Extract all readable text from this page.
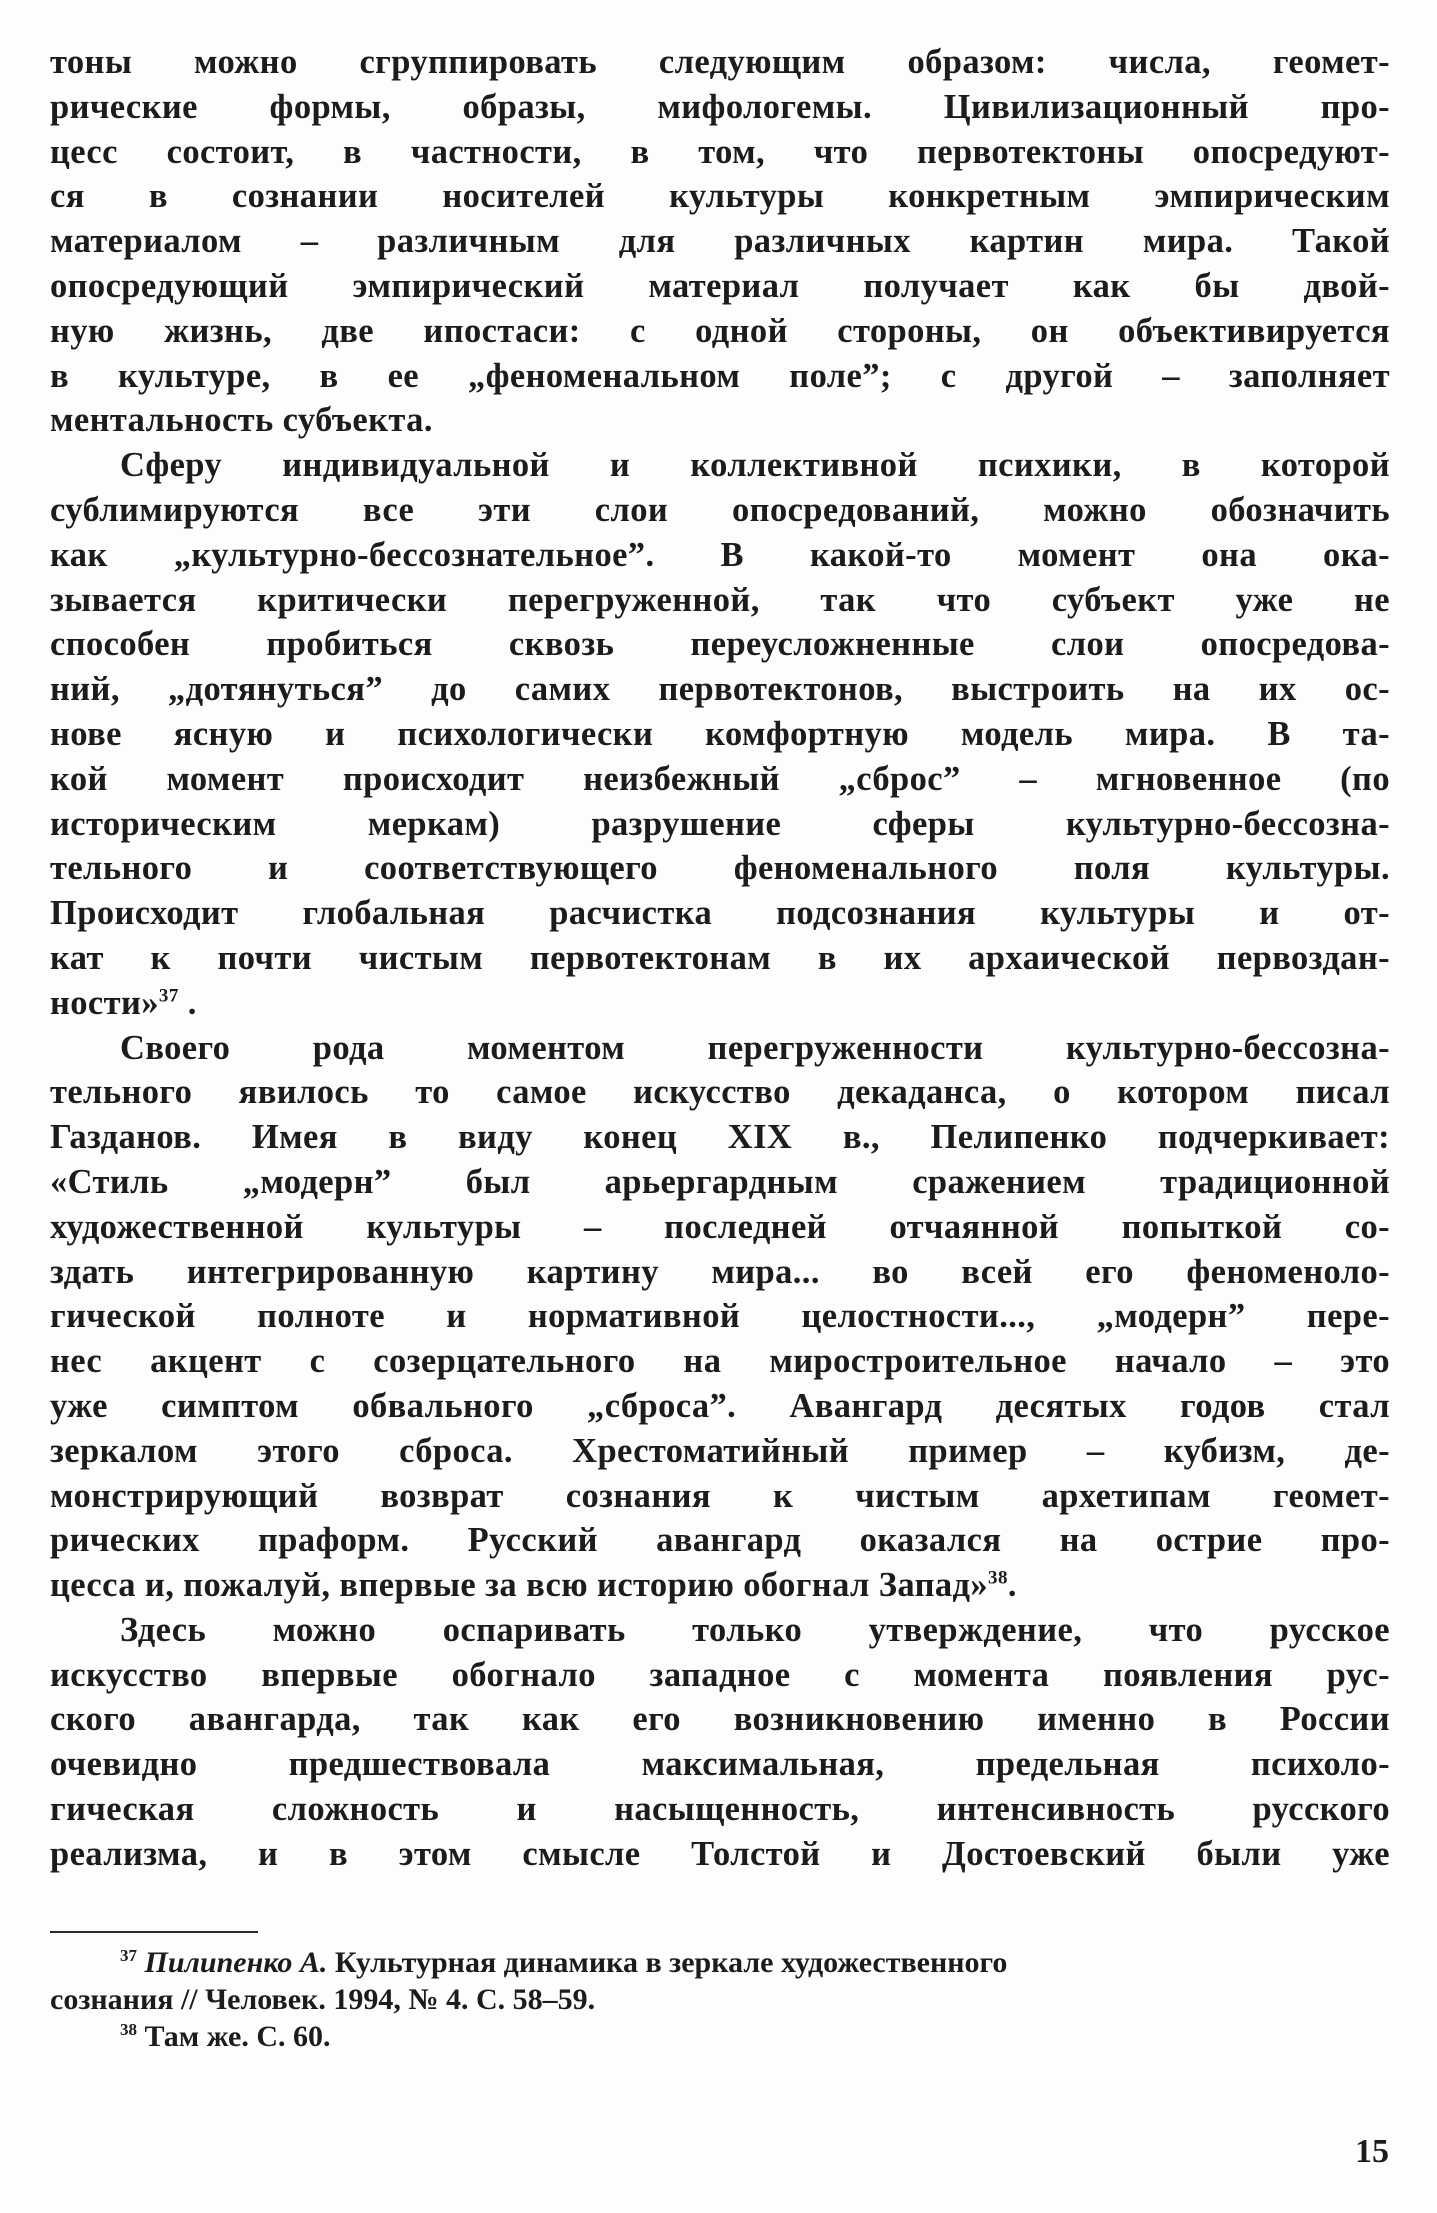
тоны можно сгруппировать следующим образом: числа, геомет-
рические формы, образы, мифологемы. Цивилизационный про-
цесс состоит, в частности, в том, что первотектоны опосредуют-
ся в сознании носителей культуры конкретным эмпирическим
материалом – различным для различных картин мира. Такой
опосредующий эмпирический материал получает как бы двой-
ную жизнь, две ипостаси: с одной стороны, он объективируется
в культуре, в ее „феноменальном поле”; с другой – заполняет
ментальность субъекта.
Сферу индивидуальной и коллективной психики, в которой
сублимируются все эти слои опосредований, можно обозначить
как „культурно-бессознательное”. В какой-то момент она ока-
зывается критически перегруженной, так что субъект уже не
способен пробиться сквозь переусложненные слои опосредова-
ний, „дотянуться” до самих первотектонов, выстроить на их ос-
нове ясную и психологически комфортную модель мира. В та-
кой момент происходит неизбежный „сброс” – мгновенное (по
историческим меркам) разрушение сферы культурно-бессозна-
тельного и соответствующего феноменального поля культуры.
Происходит глобальная расчистка подсознания культуры и от-
кат к почти чистым первотектонам в их архаической первоздан-
ности»$^{37}$ .
Своего рода моментом перегруженности культурно-бессозна-
тельного явилось то самое искусство декаданса, о котором писал
Газданов. Имея в виду конец XIX в., Пелипенко подчеркивает:
«Стиль „модерн” был арьергардным сражением традиционной
художественной культуры – последней отчаянной попыткой со-
здать интегрированную картину мира... во всей его феноменоло-
гической полноте и нормативной целостности..., „модерн” пере-
нес акцент с созерцательного на миростроительное начало – это
уже симптом обвального „сброса”. Авангард десятых годов стал
зеркалом этого сброса. Хрестоматийный пример – кубизм, де-
монстрирующий возврат сознания к чистым архетипам геомет-
рических праформ. Русский авангард оказался на острие про-
цесса и, пожалуй, впервые за всю историю обогнал Запад»$^{38}$.
Здесь можно оспаривать только утверждение, что русское
искусство впервые обогнало западное с момента появления рус-
ского авангарда, так как его возникновению именно в России
очевидно предшествовала максимальная, предельная психоло-
гическая сложность и насыщенность, интенсивность русского
реализма, и в этом смысле Толстой и Достоевский были уже
$^{37}$ Пилипенко А. Культурная динамика в зеркале художественного
сознания // Человек. 1994, № 4. С. 58–59.
$^{38}$ Там же. С. 60.
15
